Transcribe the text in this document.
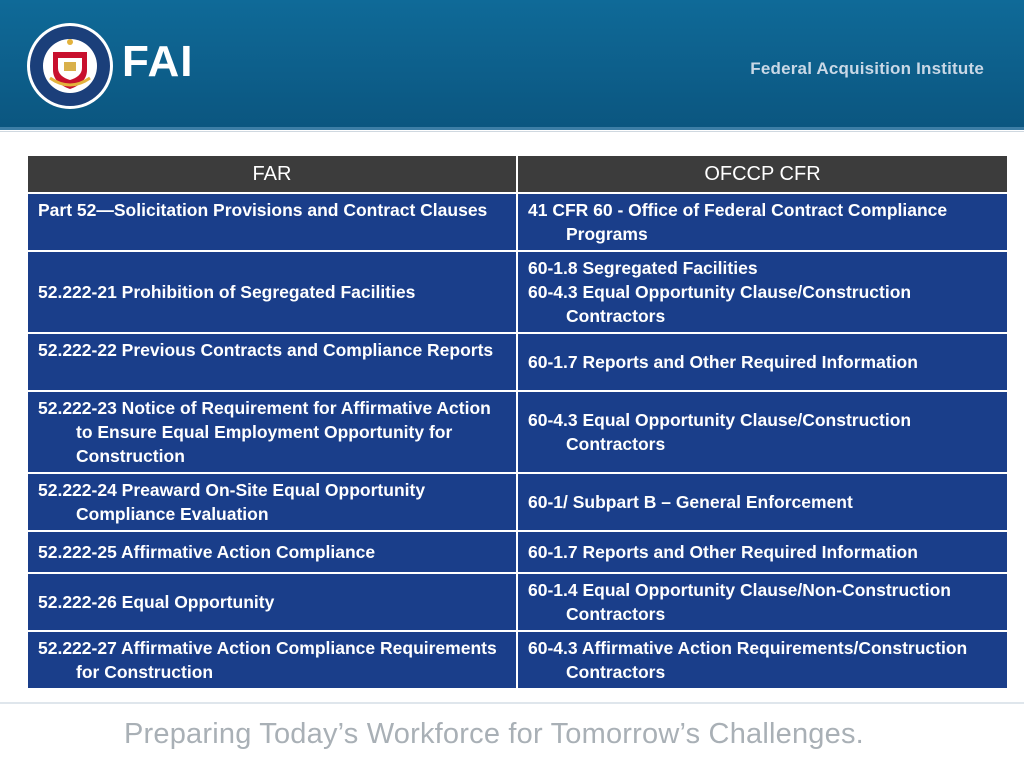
FAI	Federal Acquisition Institute
FAR	OFCCP CFR

Part 52—Solicitation Provisions and Contract Clauses	41 CFR 60 - Office of Federal Contract Compliance Programs

52.222-21 Prohibition of Segregated Facilities	60-1.8 Segregated Facilities
60-4.3 Equal Opportunity Clause/Construction Contractors

52.222-22 Previous Contracts and Compliance Reports	60-1.7 Reports and Other Required Information

52.222-23 Notice of Requirement for Affirmative Action to Ensure Equal Employment Opportunity for Construction	60-4.3 Equal Opportunity Clause/Construction Contractors

52.222-24 Preaward On-Site Equal Opportunity Compliance Evaluation	60-1/ Subpart B – General Enforcement

52.222-25 Affirmative Action Compliance	60-1.7 Reports and Other Required Information

52.222-26 Equal Opportunity	60-1.4 Equal Opportunity Clause/Non-Construction Contractors

52.222-27 Affirmative Action Compliance Requirements for Construction	60-4.3 Affirmative Action Requirements/Construction Contractors
Preparing Today’s Workforce for Tomorrow’s Challenges.
